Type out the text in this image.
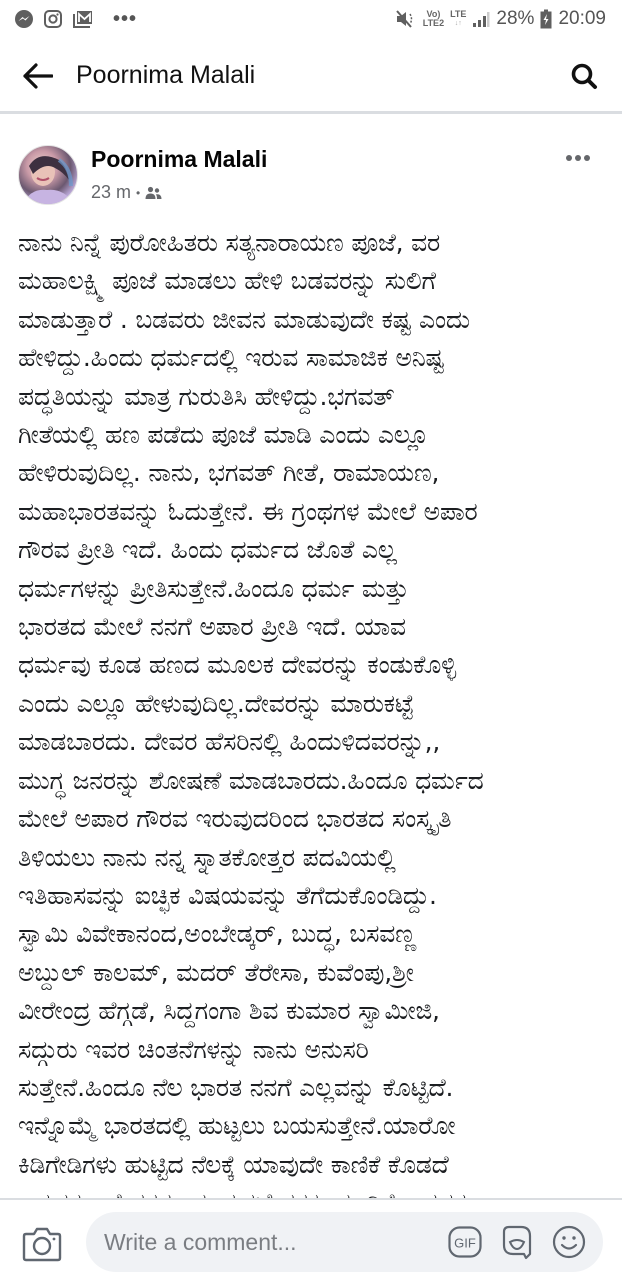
•••	Vo)
LTE2
LTE
↓↑ 28% 20:09
Poornima Malali
Poornima Malali
23 m •

ನಾನು ನಿನ್ನೆ ಪುರೋಹಿತರು ಸತ್ಯನಾರಾಯಣ ಪೂಜೆ, ವರ

ಮಹಾಲಕ್ಷ್ಮಿ ಪೂಜೆ ಮಾಡಲು ಹೇಳಿ ಬಡವರನ್ನು ಸುಲಿಗೆ

ಮಾಡುತ್ತಾರೆ . ಬಡವರು ಜೀವನ ಮಾಡುವುದೇ ಕಷ್ಟ ಎಂದು

ಹೇಳಿದ್ದು.ಹಿಂದು ಧರ್ಮದಲ್ಲಿ ಇರುವ ಸಾಮಾಜಿಕ ಅನಿಷ್ಟ

ಪದ್ಧತಿಯನ್ನು ಮಾತ್ರ ಗುರುತಿಸಿ ಹೇಳಿದ್ದು.ಭಗವತ್

ಗೀತೆಯಲ್ಲಿ ಹಣ ಪಡೆದು ಪೂಜೆ ಮಾಡಿ ಎಂದು ಎಲ್ಲೂ

ಹೇಳಿರುವುದಿಲ್ಲ. ನಾನು, ಭಗವತ್ ಗೀತೆ, ರಾಮಾಯಣ,

ಮಹಾಭಾರತವನ್ನು ಓದುತ್ತೇನೆ. ಈ ಗ್ರಂಥಗಳ ಮೇಲೆ ಅಪಾರ

ಗೌರವ ಪ್ರೀತಿ ಇದೆ. ಹಿಂದು ಧರ್ಮದ ಜೊತೆ ಎಲ್ಲ

ಧರ್ಮಗಳನ್ನು ಪ್ರೀತಿಸುತ್ತೇನೆ.ಹಿಂದೂ ಧರ್ಮ ಮತ್ತು

ಭಾರತದ ಮೇಲೆ ನನಗೆ ಅಪಾರ ಪ್ರೀತಿ ಇದೆ. ಯಾವ

ಧರ್ಮವು ಕೂಡ ಹಣದ ಮೂಲಕ ದೇವರನ್ನು ಕಂಡುಕೊಳ್ಳಿ

ಎಂದು ಎಲ್ಲೂ ಹೇಳುವುದಿಲ್ಲ.ದೇವರನ್ನು ಮಾರುಕಟ್ಟೆ

ಮಾಡಬಾರದು. ದೇವರ ಹೆಸರಿನಲ್ಲಿ ಹಿಂದುಳಿದವರನ್ನು,,

ಮುಗ್ಧ ಜನರನ್ನು ಶೋಷಣೆ ಮಾಡಬಾರದು.ಹಿಂದೂ ಧರ್ಮದ

ಮೇಲೆ ಅಪಾರ ಗೌರವ ಇರುವುದರಿಂದ ಭಾರತದ ಸಂಸ್ಕೃತಿ

ತಿಳಿಯಲು ನಾನು ನನ್ನ ಸ್ನಾತಕೋತ್ತರ ಪದವಿಯಲ್ಲಿ

ಇತಿಹಾಸವನ್ನು ಐಚ್ಛಿಕ ವಿಷಯವನ್ನು ತೆಗೆದುಕೊಂಡಿದ್ದು.

ಸ್ವಾಮಿ ವಿವೇಕಾನಂದ,ಅಂಬೇಡ್ಕರ್, ಬುದ್ಧ, ಬಸವಣ್ಣ

ಅಬ್ದುಲ್ ಕಾಲಮ್, ಮದರ್ ತೆರೇಸಾ, ಕುವೆಂಪು,ಶ್ರೀ

ವೀರೇಂದ್ರ ಹೆಗ್ಗಡೆ, ಸಿದ್ದಗಂಗಾ ಶಿವ ಕುಮಾರ ಸ್ವಾಮೀಜಿ,

ಸದ್ಗುರು ಇವರ ಚಿಂತನೆಗಳನ್ನು ನಾನು ಅನುಸರಿ

ಸುತ್ತೇನೆ.ಹಿಂದೂ ನೆಲ ಭಾರತ ನನಗೆ ಎಲ್ಲವನ್ನು ಕೊಟ್ಟಿದೆ.

ಇನ್ನೊಮ್ಮೆ ಭಾರತದಲ್ಲಿ ಹುಟ್ಟಲು ಬಯಸುತ್ತೇನೆ.ಯಾರೋ

ಕಿಡಿಗೇಡಿಗಳು ಹುಟ್ಟಿದ ನೆಲಕ್ಕೆ ಯಾವುದೇ ಕಾಣಿಕೆ ಕೊಡದೆ

Write a comment...
GIF
